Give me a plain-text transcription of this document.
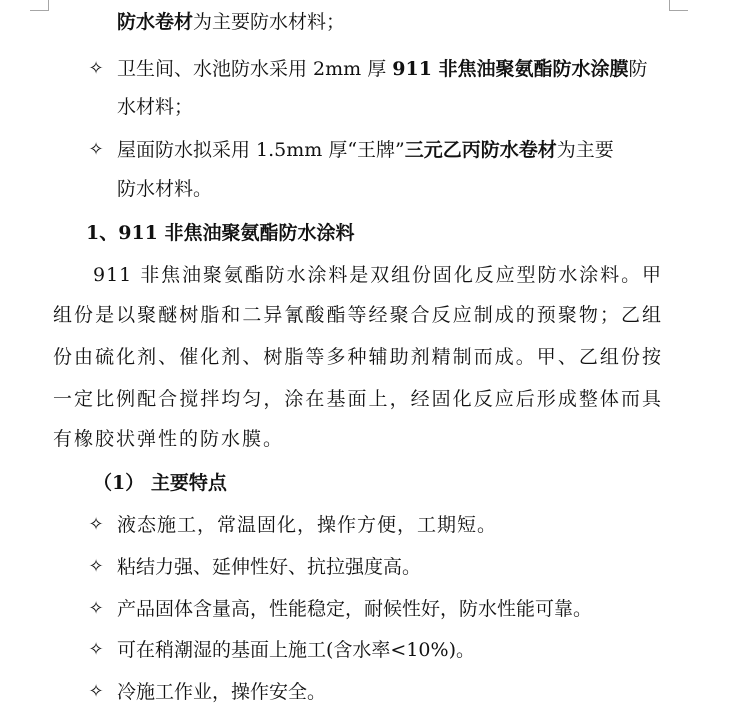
防水卷材为主要防水材料；
✧ 卫生间、水池防水采用 2mm 厚 911 非焦油聚氨酯防水涂膜防
水材料；
✧ 屋面防水拟采用 1.5mm 厚“王牌”三元乙丙防水卷材为主要
防水材料。
1、911 非焦油聚氨酯防水涂料
911 非焦油聚氨酯防水涂料是双组份固化反应型防水涂料。甲
组份是以聚醚树脂和二异氰酸酯等经聚合反应制成的预聚物；乙组
份由硫化剂、催化剂、树脂等多种辅助剂精制而成。甲、乙组份按
一定比例配合搅拌均匀，涂在基面上，经固化反应后形成整体而具
有橡胶状弹性的防水膜。
（1） 主要特点
✧ 液态施工，常温固化，操作方便，工期短。
✧ 粘结力强、延伸性好、抗拉强度高。
✧ 产品固体含量高，性能稳定，耐候性好，防水性能可靠。
✧ 可在稍潮湿的基面上施工(含水率<10%)。
✧ 冷施工作业，操作安全。
